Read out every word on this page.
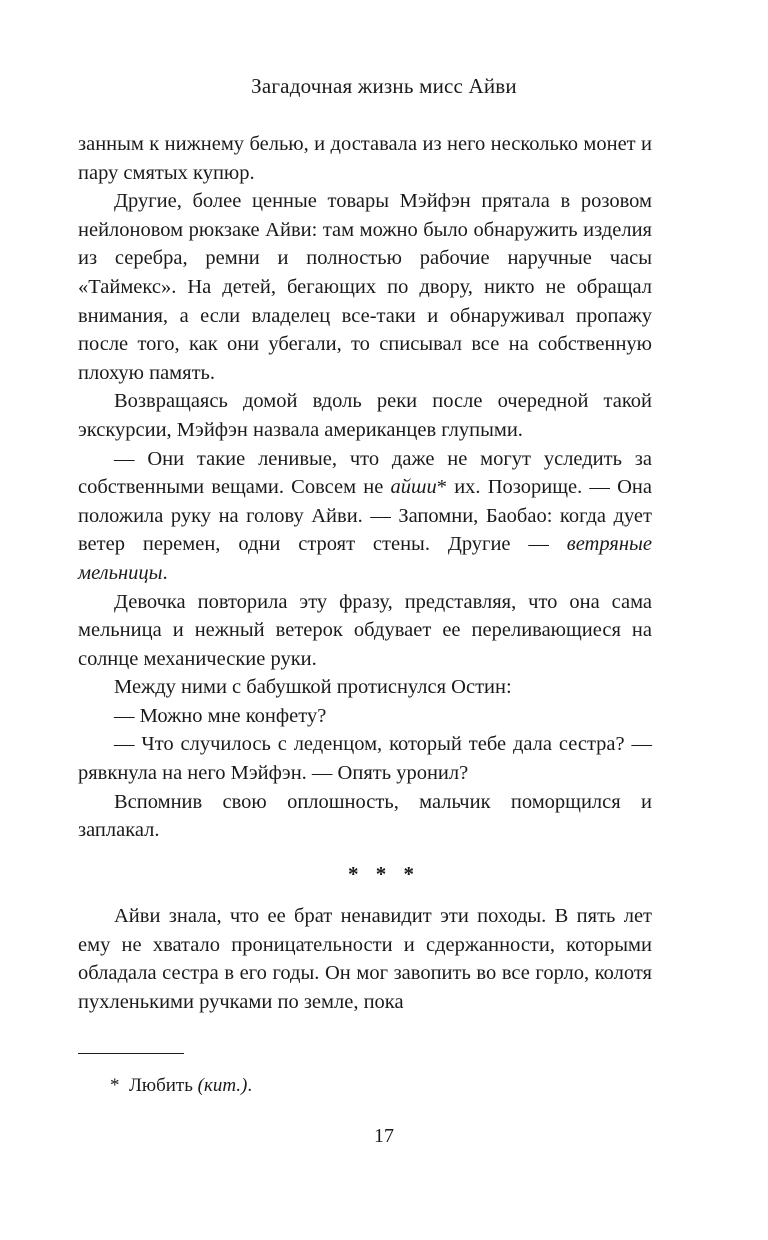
Загадочная жизнь мисс Айви

занным к нижнему белью, и доставала из него несколько монет и пару смятых купюр.

Другие, более ценные товары Мэйфэн прятала в розовом нейлоновом рюкзаке Айви: там можно было обнаружить изделия из серебра, ремни и полностью рабочие наручные часы «Таймекс». На детей, бегающих по двору, никто не обращал внимания, а если владелец все-таки и обнаруживал пропажу после того, как они убегали, то списывал все на собственную плохую память.

Возвращаясь домой вдоль реки после очередной такой экскурсии, Мэйфэн назвала американцев глупыми.

— Они такие ленивые, что даже не могут уследить за собственными вещами. Совсем не айши* их. Позорище. — Она положила руку на голову Айви. — Запомни, Баобао: когда дует ветер перемен, одни строят стены. Другие — ветряные мельницы.

Девочка повторила эту фразу, представляя, что она сама мельница и нежный ветерок обдувает ее переливающиеся на солнце механические руки.

Между ними с бабушкой протиснулся Остин:

— Можно мне конфету?

— Что случилось с леденцом, который тебе дала сестра? — рявкнула на него Мэйфэн. — Опять уронил?

Вспомнив свою оплошность, мальчик поморщился и заплакал.

* * *

Айви знала, что ее брат ненавидит эти походы. В пять лет ему не хватало проницательности и сдержанности, которыми обладала сестра в его годы. Он мог завопить во все горло, колотя пухленькими ручками по земле, пока

* Любить (кит.).
17
